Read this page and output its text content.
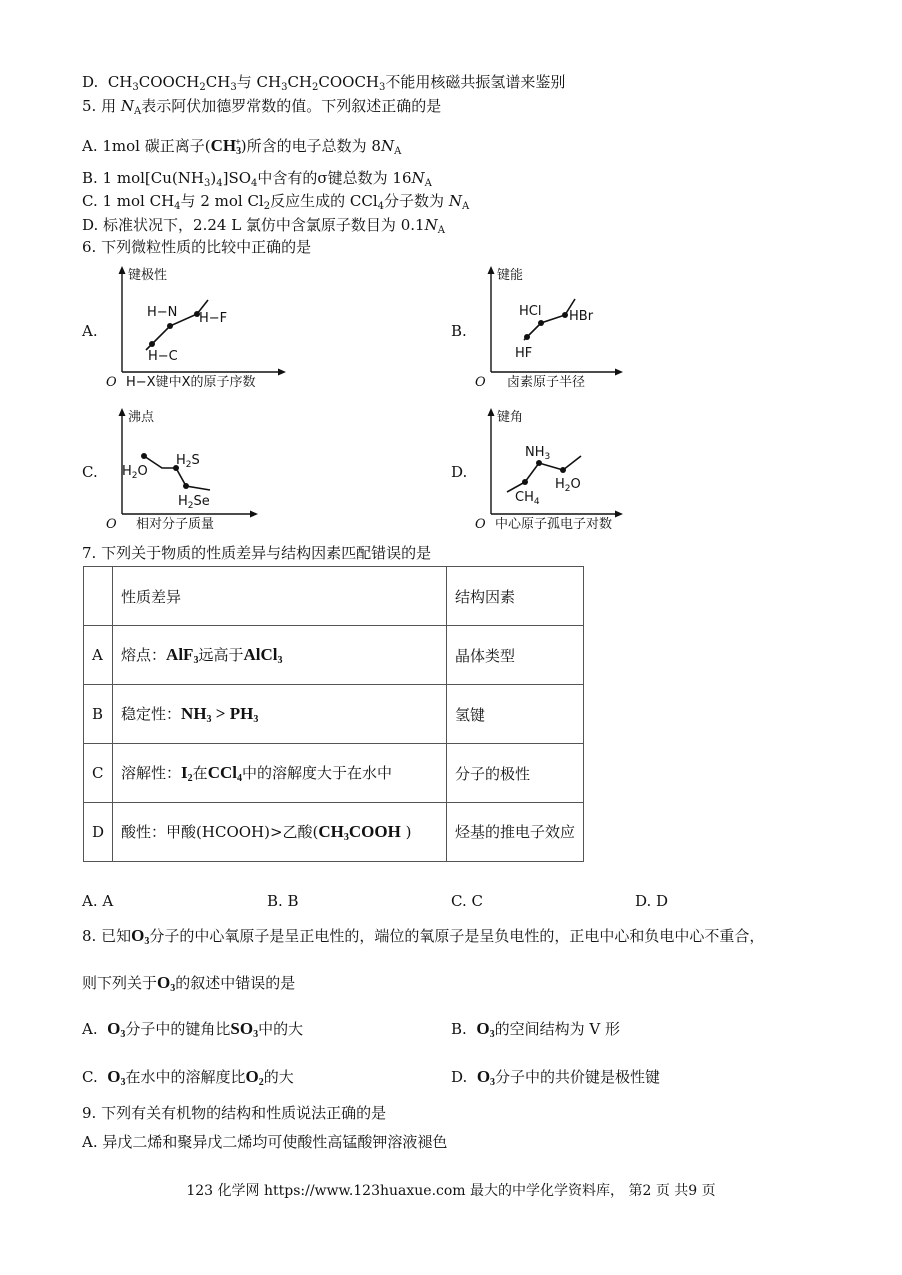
D. $CH_3COOCH_2CH_3$与 $CH_3CH_2COOCH_3$不能用核磁共振氢谱来鉴别
5. 用 $N_A$表示阿伏加德罗常数的值。下列叙述正确的是
A. 1mol 碳正离子$(CH_3^+)$所含的电子总数为 $8N_A$
B. 1 $mol[Cu(NH_3)_4]SO_4$中含有的σ键总数为 $16N_A$
C. 1 mol $CH_4$与 2 mol $Cl_2$反应生成的 CCl$_4$分子数为 $N_A$
D. 标准状况下，2.24 L 氯仿中含氯原子数目为 $0.1N_A$
6. 下列微粒性质的比较中正确的是
A.	B.
C.	D.
键极性
O H−X键中X的原子序数
H−C
H−N H−F
键能
O 卤素原子半径
HF
HCl HBr
沸点
O 相对分子质量
$H_2O$
$H_2S$
$H_2Se$
键角
O 中心原子孤电子对数
$CH_4$
$NH_3$
$H_2O$
7. 下列关于物质的性质差异与结构因素匹配错误的是
	性质差异	结构因素
A	熔点：AlF$_3$远高于AlCl$_3$	晶体类型
B	稳定性：$NH_3 > PH_3$	氢键
C	溶解性：$I_2$在CCl$_4$中的溶解度大于在水中	分子的极性
D	酸性：甲酸(HCOOH)>乙酸($CH_3COOH$ )	烃基的推电子效应
A. A	B. B	C. C	D. D
8. 已知$O_3$分子的中心氧原子是呈正电性的，端位的氧原子是呈负电性的，正电中心和负电中心不重合，
则下列关于$O_3$的叙述中错误的是
A. $O_3$分子中的键角比$SO_3$中的大	B. $O_3$的空间结构为 V 形
C. $O_3$在水中的溶解度比$O_2$的大	D. $O_3$分子中的共价键是极性键
9. 下列有关有机物的结构和性质说法正确的是
A. 异戊二烯和聚异戊二烯均可使酸性高锰酸钾溶液褪色
123 化学网 https://www.123huaxue.com 最大的中学化学资料库， 第2 页 共9 页
